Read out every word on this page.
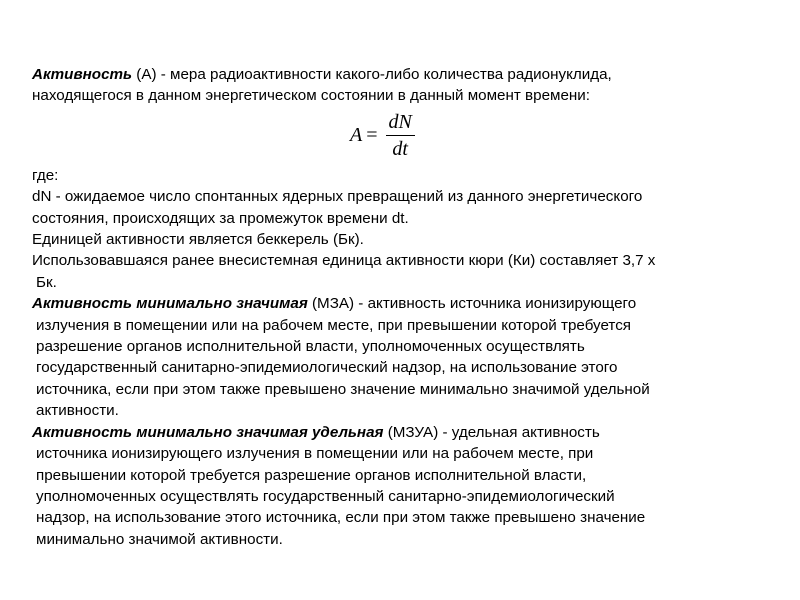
Активность (А) - мера радиоактивности какого-либо количества радионуклида,

находящегося в данном энергетическом состоянии в данный момент времени:

$A = \frac{dN}{dt}$

где:

dN - ожидаемое число спонтанных ядерных превращений из данного энергетического

состояния, происходящих за промежуток времени dt.

Единицей активности является беккерель (Бк).

Использовавшаяся ранее внесистемная единица активности кюри (Ки) составляет 3,7 х

Бк.

Активность минимально значимая (МЗА) - активность источника ионизирующего

излучения в помещении или на рабочем месте, при превышении которой требуется

разрешение органов исполнительной власти, уполномоченных осуществлять

государственный санитарно-эпидемиологический надзор, на использование этого

источника, если при этом также превышено значение минимально значимой удельной

активности.

Активность минимально значимая удельная (МЗУА) - удельная активность

источника ионизирующего излучения в помещении или на рабочем месте, при

превышении которой требуется разрешение органов исполнительной власти,

уполномоченных осуществлять государственный санитарно-эпидемиологический

надзор, на использование этого источника, если при этом также превышено значение

минимально значимой активности.
